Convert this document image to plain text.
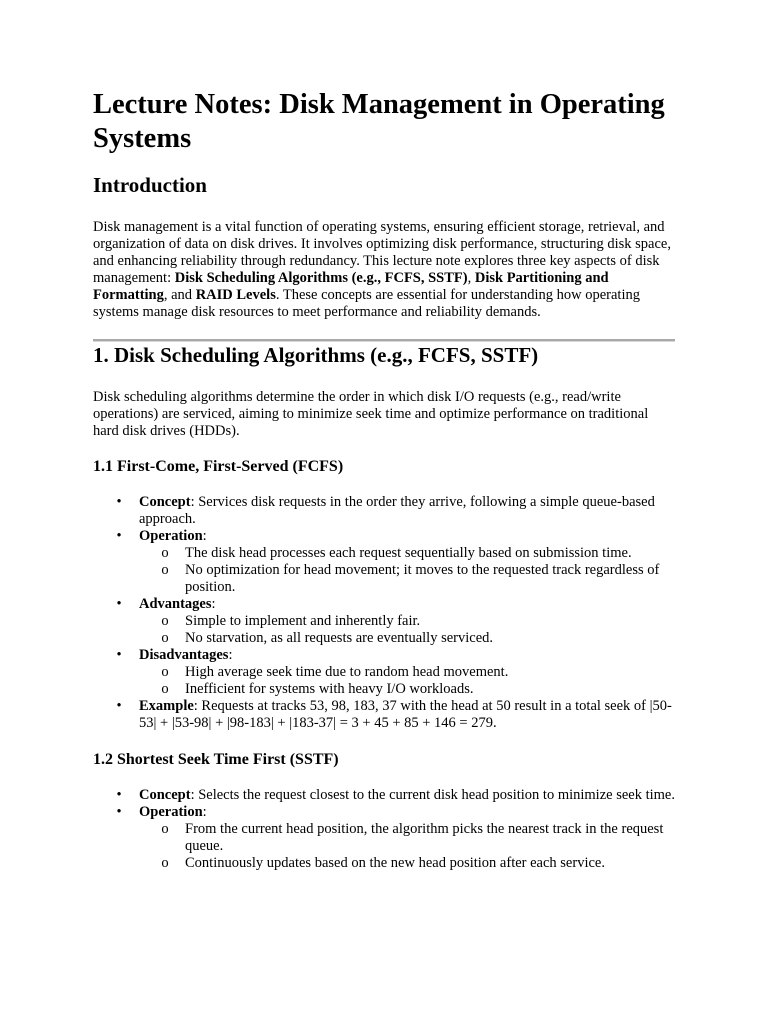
Lecture Notes: Disk Management in Operating Systems
Introduction

Disk management is a vital function of operating systems, ensuring efficient storage, retrieval, and organization of data on disk drives. It involves optimizing disk performance, structuring disk space, and enhancing reliability through redundancy. This lecture note explores three key aspects of disk management: Disk Scheduling Algorithms (e.g., FCFS, SSTF), Disk Partitioning and Formatting, and RAID Levels. These concepts are essential for understanding how operating systems manage disk resources to meet performance and reliability demands.

1. Disk Scheduling Algorithms (e.g., FCFS, SSTF)

Disk scheduling algorithms determine the order in which disk I/O requests (e.g., read/write operations) are serviced, aiming to minimize seek time and optimize performance on traditional hard disk drives (HDDs).

1.1 First-Come, First-Served (FCFS)
• Concept: Services disk requests in the order they arrive, following a simple queue-based approach.
• Operation:
o The disk head processes each request sequentially based on submission time.
o No optimization for head movement; it moves to the requested track regardless of position.
• Advantages:
o Simple to implement and inherently fair.
o No starvation, as all requests are eventually serviced.
• Disadvantages:
o High average seek time due to random head movement.
o Inefficient for systems with heavy I/O workloads.
• Example: Requests at tracks 53, 98, 183, 37 with the head at 50 result in a total seek of |50-53| + |53-98| + |98-183| + |183-37| = 3 + 45 + 85 + 146 = 279.
1.2 Shortest Seek Time First (SSTF)
• Concept: Selects the request closest to the current disk head position to minimize seek time.
• Operation:
o From the current head position, the algorithm picks the nearest track in the request queue.
o Continuously updates based on the new head position after each service.
